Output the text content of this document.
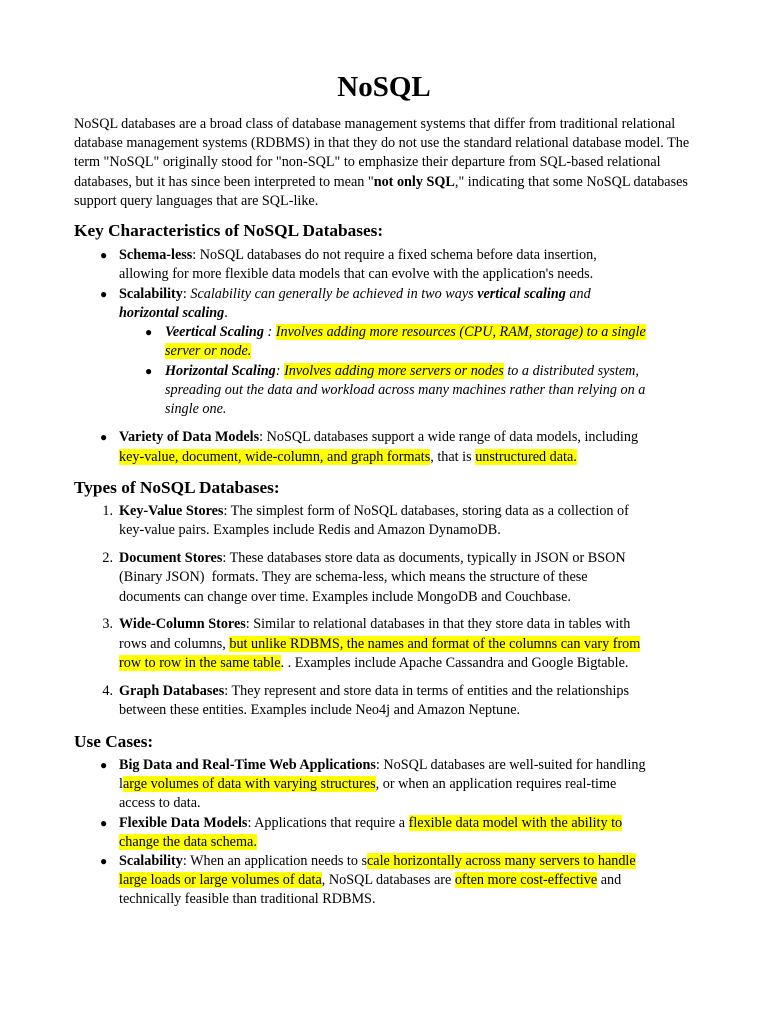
NoSQL
NoSQL databases are a broad class of database management systems that differ from traditional relational database management systems (RDBMS) in that they do not use the standard relational database model. The term "NoSQL" originally stood for "non-SQL" to emphasize their departure from SQL-based relational databases, but it has since been interpreted to mean "not only SQL," indicating that some NoSQL databases support query languages that are SQL-like.
Key Characteristics of NoSQL Databases:
● Schema-less: NoSQL databases do not require a fixed schema before data insertion,
allowing for more flexible data models that can evolve with the application's needs.
● Scalability: Scalability can generally be achieved in two ways vertical scaling and
horizontal scaling.
● Veertical Scaling : Involves adding more resources (CPU, RAM, storage) to a single
server or node.
● Horizontal Scaling: Involves adding more servers or nodes to a distributed system,
spreading out the data and workload across many machines rather than relying on a
single one.
● Variety of Data Models: NoSQL databases support a wide range of data models, including
key-value, document, wide-column, and graph formats, that is unstructured data.
Types of NoSQL Databases:
1. Key-Value Stores: The simplest form of NoSQL databases, storing data as a collection of
key-value pairs. Examples include Redis and Amazon DynamoDB.
2. Document Stores: These databases store data as documents, typically in JSON or BSON
(Binary JSON)  formats. They are schema-less, which means the structure of these
documents can change over time. Examples include MongoDB and Couchbase.
3. Wide-Column Stores: Similar to relational databases in that they store data in tables with
rows and columns, but unlike RDBMS, the names and format of the columns can vary from
row to row in the same table. . Examples include Apache Cassandra and Google Bigtable.
4. Graph Databases: They represent and store data in terms of entities and the relationships
between these entities. Examples include Neo4j and Amazon Neptune.
Use Cases:
● Big Data and Real-Time Web Applications: NoSQL databases are well-suited for handling
large volumes of data with varying structures, or when an application requires real-time
access to data.
● Flexible Data Models: Applications that require a flexible data model with the ability to
change the data schema.
● Scalability: When an application needs to scale horizontally across many servers to handle
large loads or large volumes of data, NoSQL databases are often more cost-effective and
technically feasible than traditional RDBMS.
